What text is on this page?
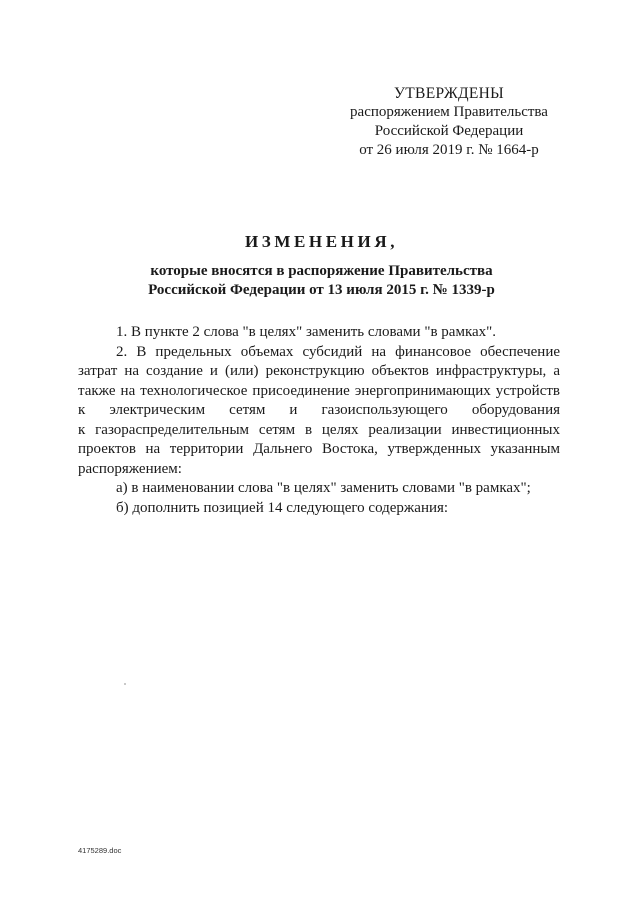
УТВЕРЖДЕНЫ
распоряжением Правительства
Российской Федерации
от 26 июля 2019 г. № 1664-р
ИЗМЕНЕНИЯ,
которые вносятся в распоряжение Правительства
Российской Федерации от 13 июля 2015 г. № 1339-р

1. В пункте 2 слова "в целях" заменить словами "в рамках".

2. В предельных объемах субсидий на финансовое обеспечение затрат на создание и (или) реконструкцию объектов инфраструктуры, а также на технологическое присоединение энергопринимающих устройств

к электрическим сетям и газоиспользующего оборудования

к газораспределительным сетям в целях реализации инвестиционных проектов на территории Дальнего Востока, утвержденных указанным распоряжением:

а) в наименовании слова "в целях" заменить словами "в рамках";

б) дополнить позицией 14 следующего содержания:

4175289.doc
